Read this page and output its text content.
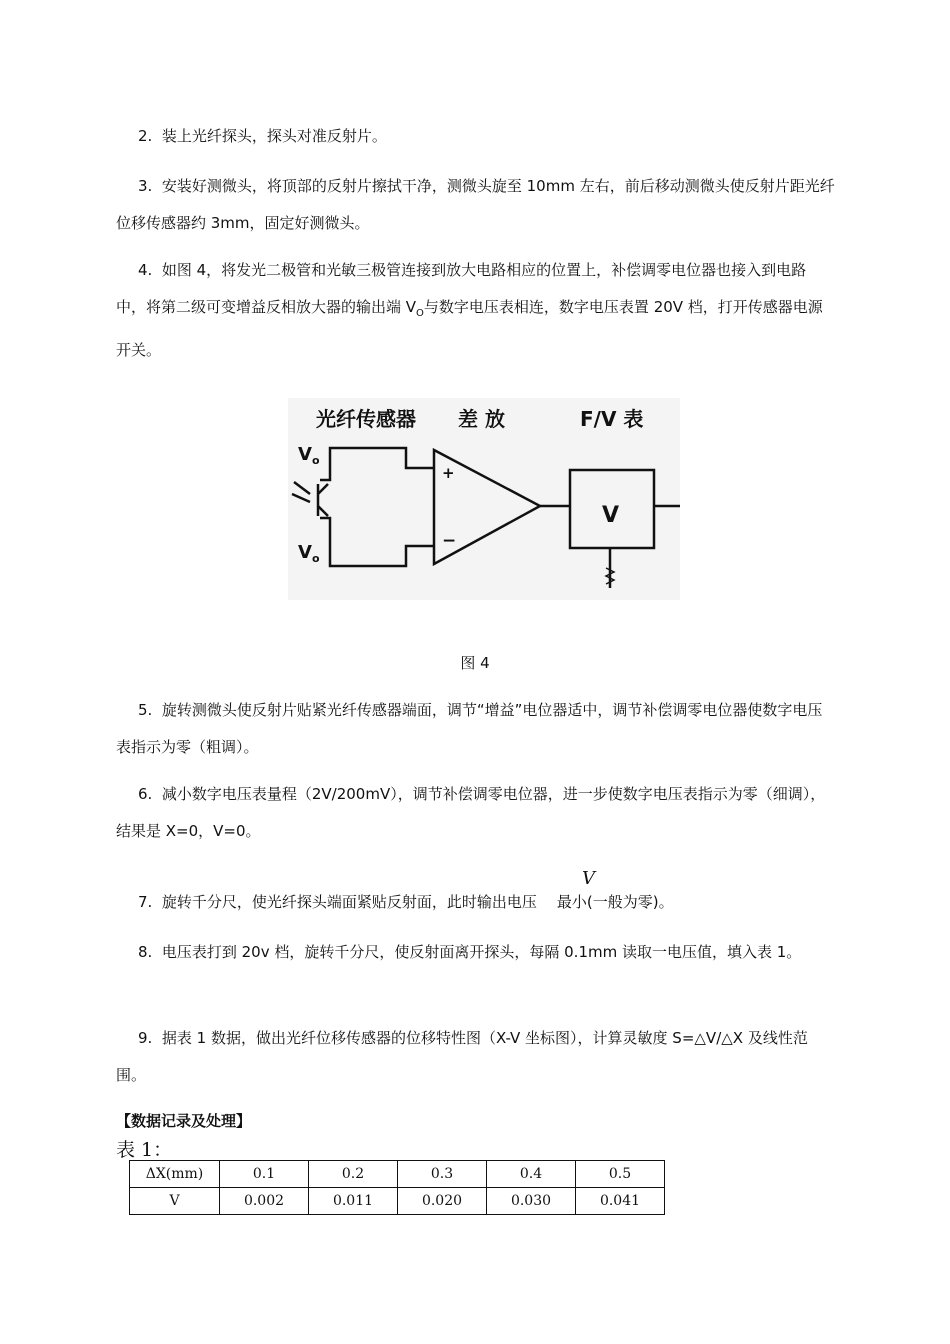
2. 装上光纤探头，探头对准反射片。

3. 安装好测微头，将顶部的反射片擦拭干净，测微头旋至 10mm 左右，前后移动测微头使反射片距光纤位移传感器约 3mm，固定好测微头。

4. 如图 4，将发光二极管和光敏三极管连接到放大电路相应的位置上，补偿调零电位器也接入到电路中，将第二级可变增益反相放大器的输出端 $V_O$与数字电压表相连，数字电压表置 20V 档，打开传感器电源开关。

光纤传感器 差 放	F/V 表
$V_o$
$V_o$
+
−
V
图 4

5. 旋转测微头使反射片贴紧光纤传感器端面，调节“增益”电位器适中，调节补偿调零电位器使数字电压表指示为零（粗调）。

6. 减小数字电压表量程（2V/200mV），调节补偿调零电位器，进一步使数字电压表指示为零（细调），结果是 X=0，V=0。

V

7. 旋转千分尺，使光纤探头端面紧贴反射面，此时输出电压 最小(一般为零)。

8. 电压表打到 20v 档，旋转千分尺，使反射面离开探头，每隔 0.1mm 读取一电压值，填入表 1。

9. 据表 1 数据，做出光纤位移传感器的位移特性图（X-V 坐标图），计算灵敏度 S=△V/△X 及线性范围。

【数据记录及处理】
表 1：
ΔX(mm)	0.1	0.2	0.3	0.4	0.5
V	0.002	0.011	0.020	0.030	0.041
